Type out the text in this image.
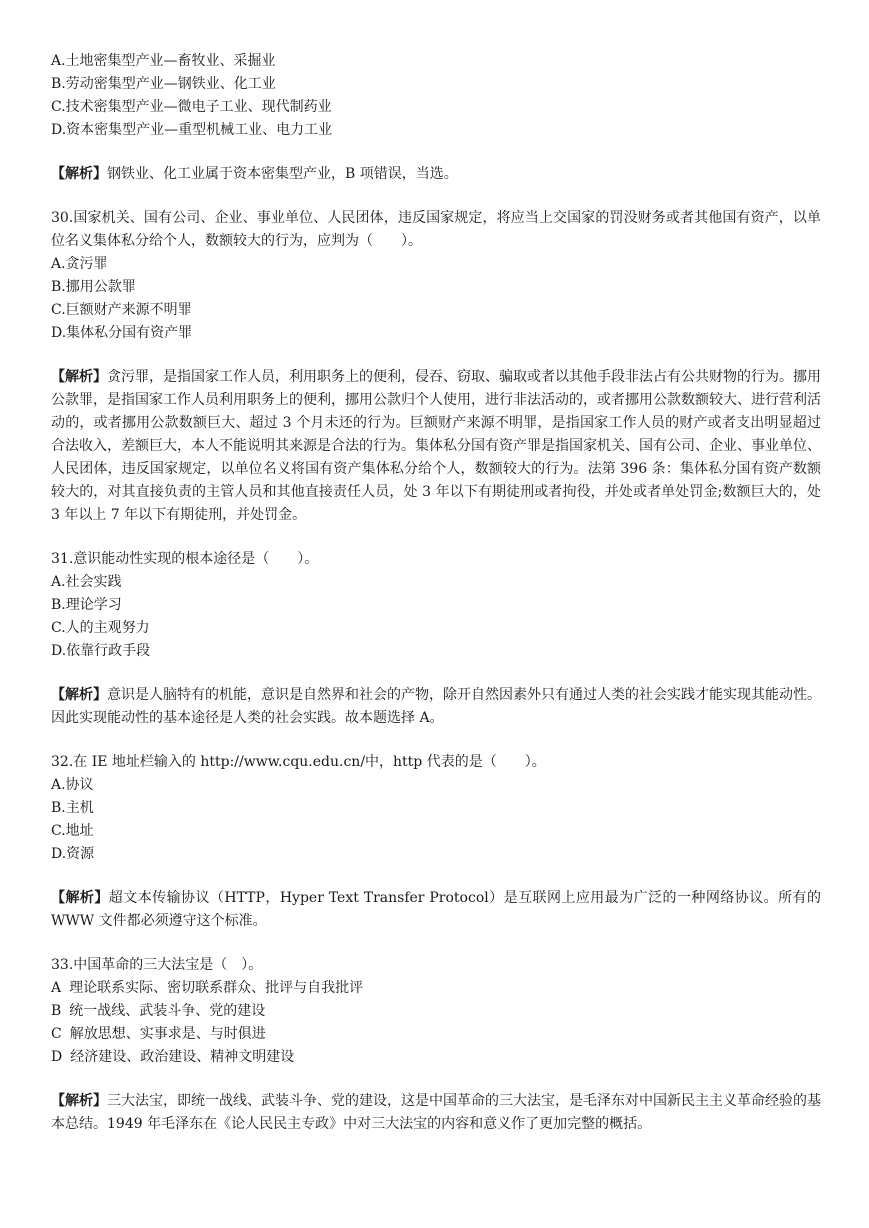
A.土地密集型产业—畜牧业、采掘业

B.劳动密集型产业—钢铁业、化工业

C.技术密集型产业—微电子工业、现代制药业

D.资本密集型产业—重型机械工业、电力工业

【解析】钢铁业、化工业属于资本密集型产业，B 项错误，当选。

30.国家机关、国有公司、企业、事业单位、人民团体，违反国家规定，将应当上交国家的罚没财务或者其他国有资产，以单位名义集体私分给个人，数额较大的行为，应判为（　　）。

A.贪污罪

B.挪用公款罪

C.巨额财产来源不明罪

D.集体私分国有资产罪

【解析】贪污罪，是指国家工作人员，利用职务上的便利，侵吞、窃取、骗取或者以其他手段非法占有公共财物的行为。挪用公款罪，是指国家工作人员利用职务上的便利，挪用公款归个人使用，进行非法活动的，或者挪用公款数额较大、进行营利活动的，或者挪用公款数额巨大、超过 3 个月未还的行为。巨额财产来源不明罪，是指国家工作人员的财产或者支出明显超过合法收入，差额巨大，本人不能说明其来源是合法的行为。集体私分国有资产罪是指国家机关、国有公司、企业、事业单位、人民团体，违反国家规定，以单位名义将国有资产集体私分给个人，数额较大的行为。法第 396 条：集体私分国有资产数额较大的，对其直接负责的主管人员和其他直接责任人员，处 3 年以下有期徒刑或者拘役，并处或者单处罚金;数额巨大的，处 3 年以上 7 年以下有期徒刑，并处罚金。

31.意识能动性实现的根本途径是（　　）。

A.社会实践

B.理论学习

C.人的主观努力

D.依靠行政手段

【解析】意识是人脑特有的机能，意识是自然界和社会的产物，除开自然因素外只有通过人类的社会实践才能实现其能动性。因此实现能动性的基本途径是人类的社会实践。故本题选择 A。

32.在 IE 地址栏输入的 http://www.cqu.edu.cn/中，http 代表的是（　　）。

A.协议

B.主机

C.地址

D.资源

【解析】超文本传输协议（HTTP，Hyper Text Transfer Protocol）是互联网上应用最为广泛的一种网络协议。所有的 WWW 文件都必须遵守这个标准。

33.中国革命的三大法宝是（　）。

A 理论联系实际、密切联系群众、批评与自我批评

B 统一战线、武装斗争、党的建设

C 解放思想、实事求是、与时俱进

D 经济建设、政治建设、精神文明建设

【解析】三大法宝，即统一战线、武装斗争、党的建设，这是中国革命的三大法宝，是毛泽东对中国新民主主义革命经验的基本总结。1949 年毛泽东在《论人民民主专政》中对三大法宝的内容和意义作了更加完整的概括。
